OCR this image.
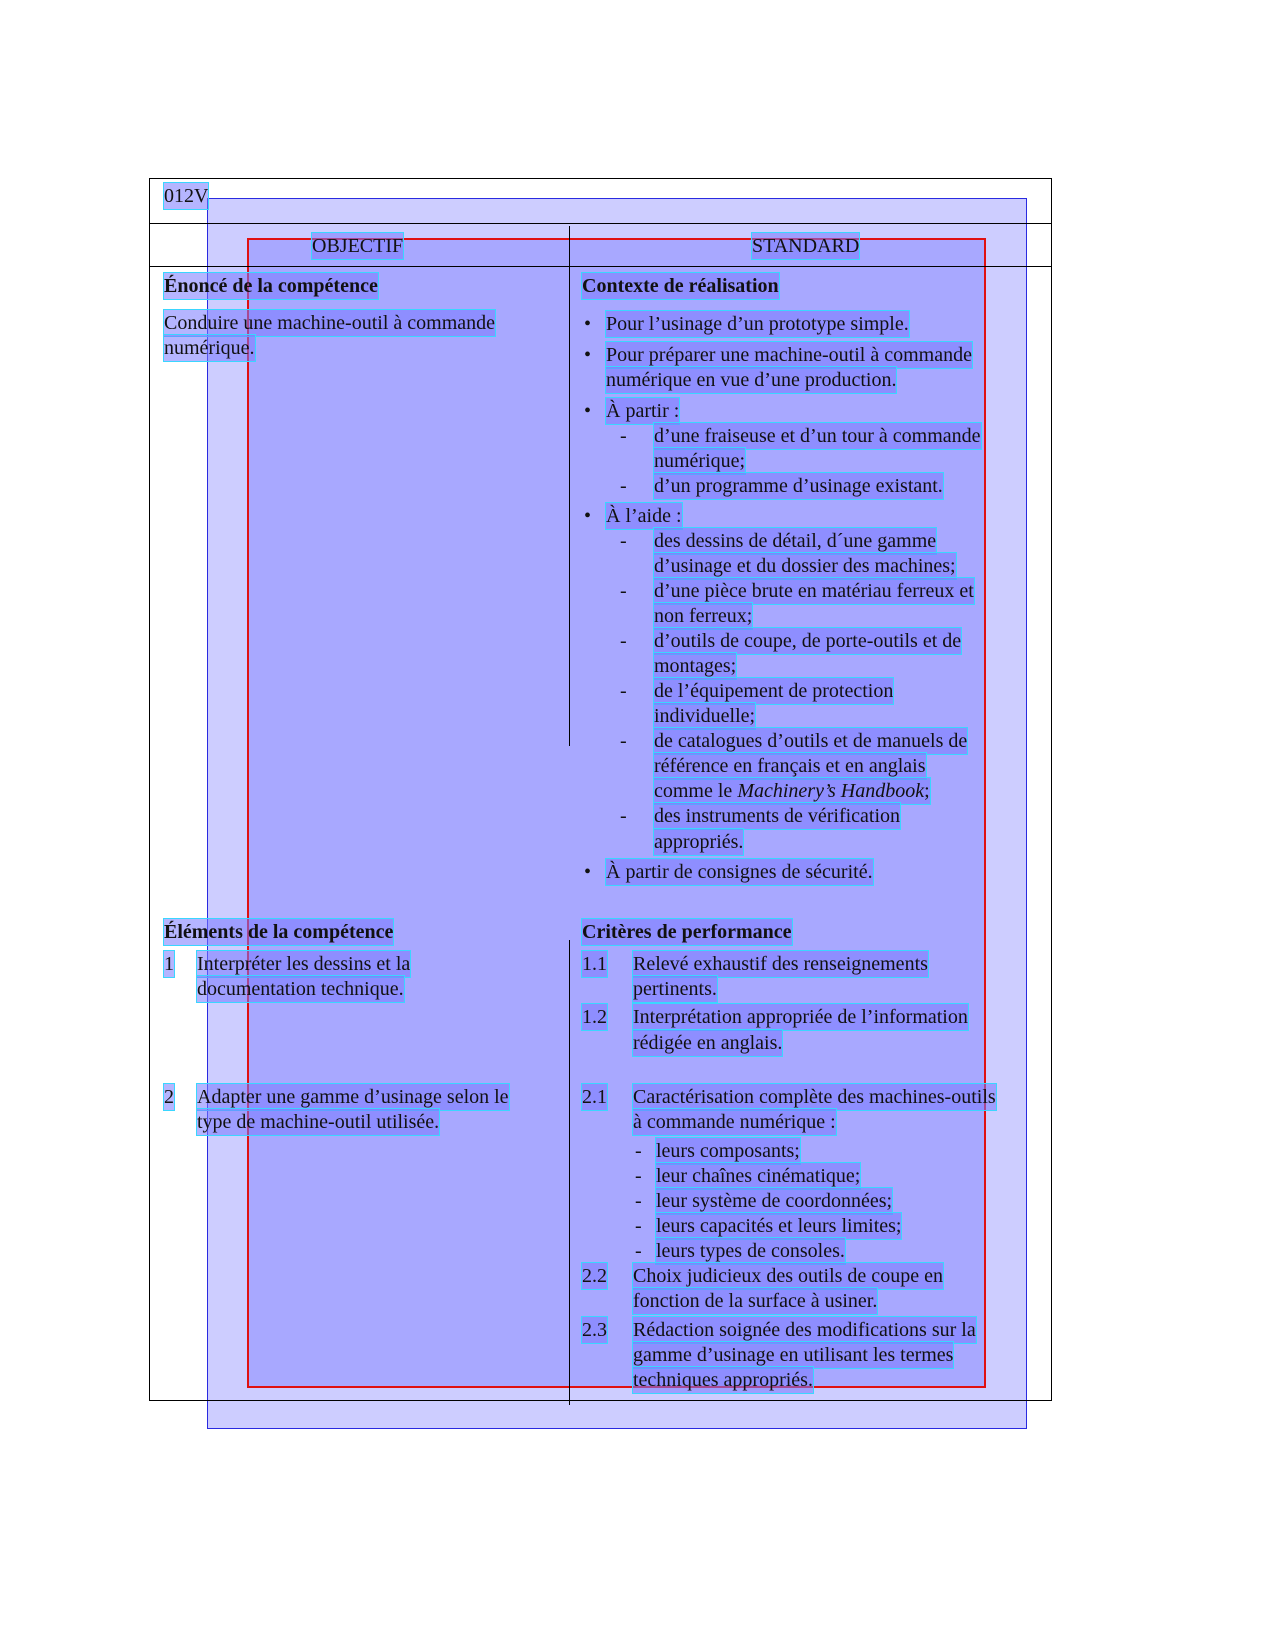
012V
OBJECTIF	STANDARD
Énoncé de la compétence
Conduire une machine-outil à commande
numérique.
Contexte de réalisation
• Pour l’usinage d’un prototype simple.
• Pour préparer une machine-outil à commande
numérique en vue d’une production.
• À partir :
- d’une fraiseuse et d’un tour à commande
numérique;
- d’un programme d’usinage existant.
• À l’aide :
- des dessins de détail, d´une gamme
d’usinage et du dossier des machines;
- d’une pièce brute en matériau ferreux et
non ferreux;
- d’outils de coupe, de porte-outils et de
montages;
- de l’équipement de protection
individuelle;
- de catalogues d’outils et de manuels de
référence en français et en anglais
comme le Machinery’s Handbook;
- des instruments de vérification
appropriés.
• À partir de consignes de sécurité.
Éléments de la compétence	Critères de performance
1 Interpréter les dessins et la
documentation technique.
1.1 Relevé exhaustif des renseignements
pertinents.
1.2 Interprétation appropriée de l’information
rédigée en anglais.
2 Adapter une gamme d’usinage selon le
type de machine-outil utilisée.
2.1 Caractérisation complète des machines-outils
à commande numérique :
- leurs composants;
- leur chaînes cinématique;
- leur système de coordonnées;
- leurs capacités et leurs limites;
- leurs types de consoles.
2.2 Choix judicieux des outils de coupe en
fonction de la surface à usiner.
2.3 Rédaction soignée des modifications sur la
gamme d’usinage en utilisant les termes
techniques appropriés.
